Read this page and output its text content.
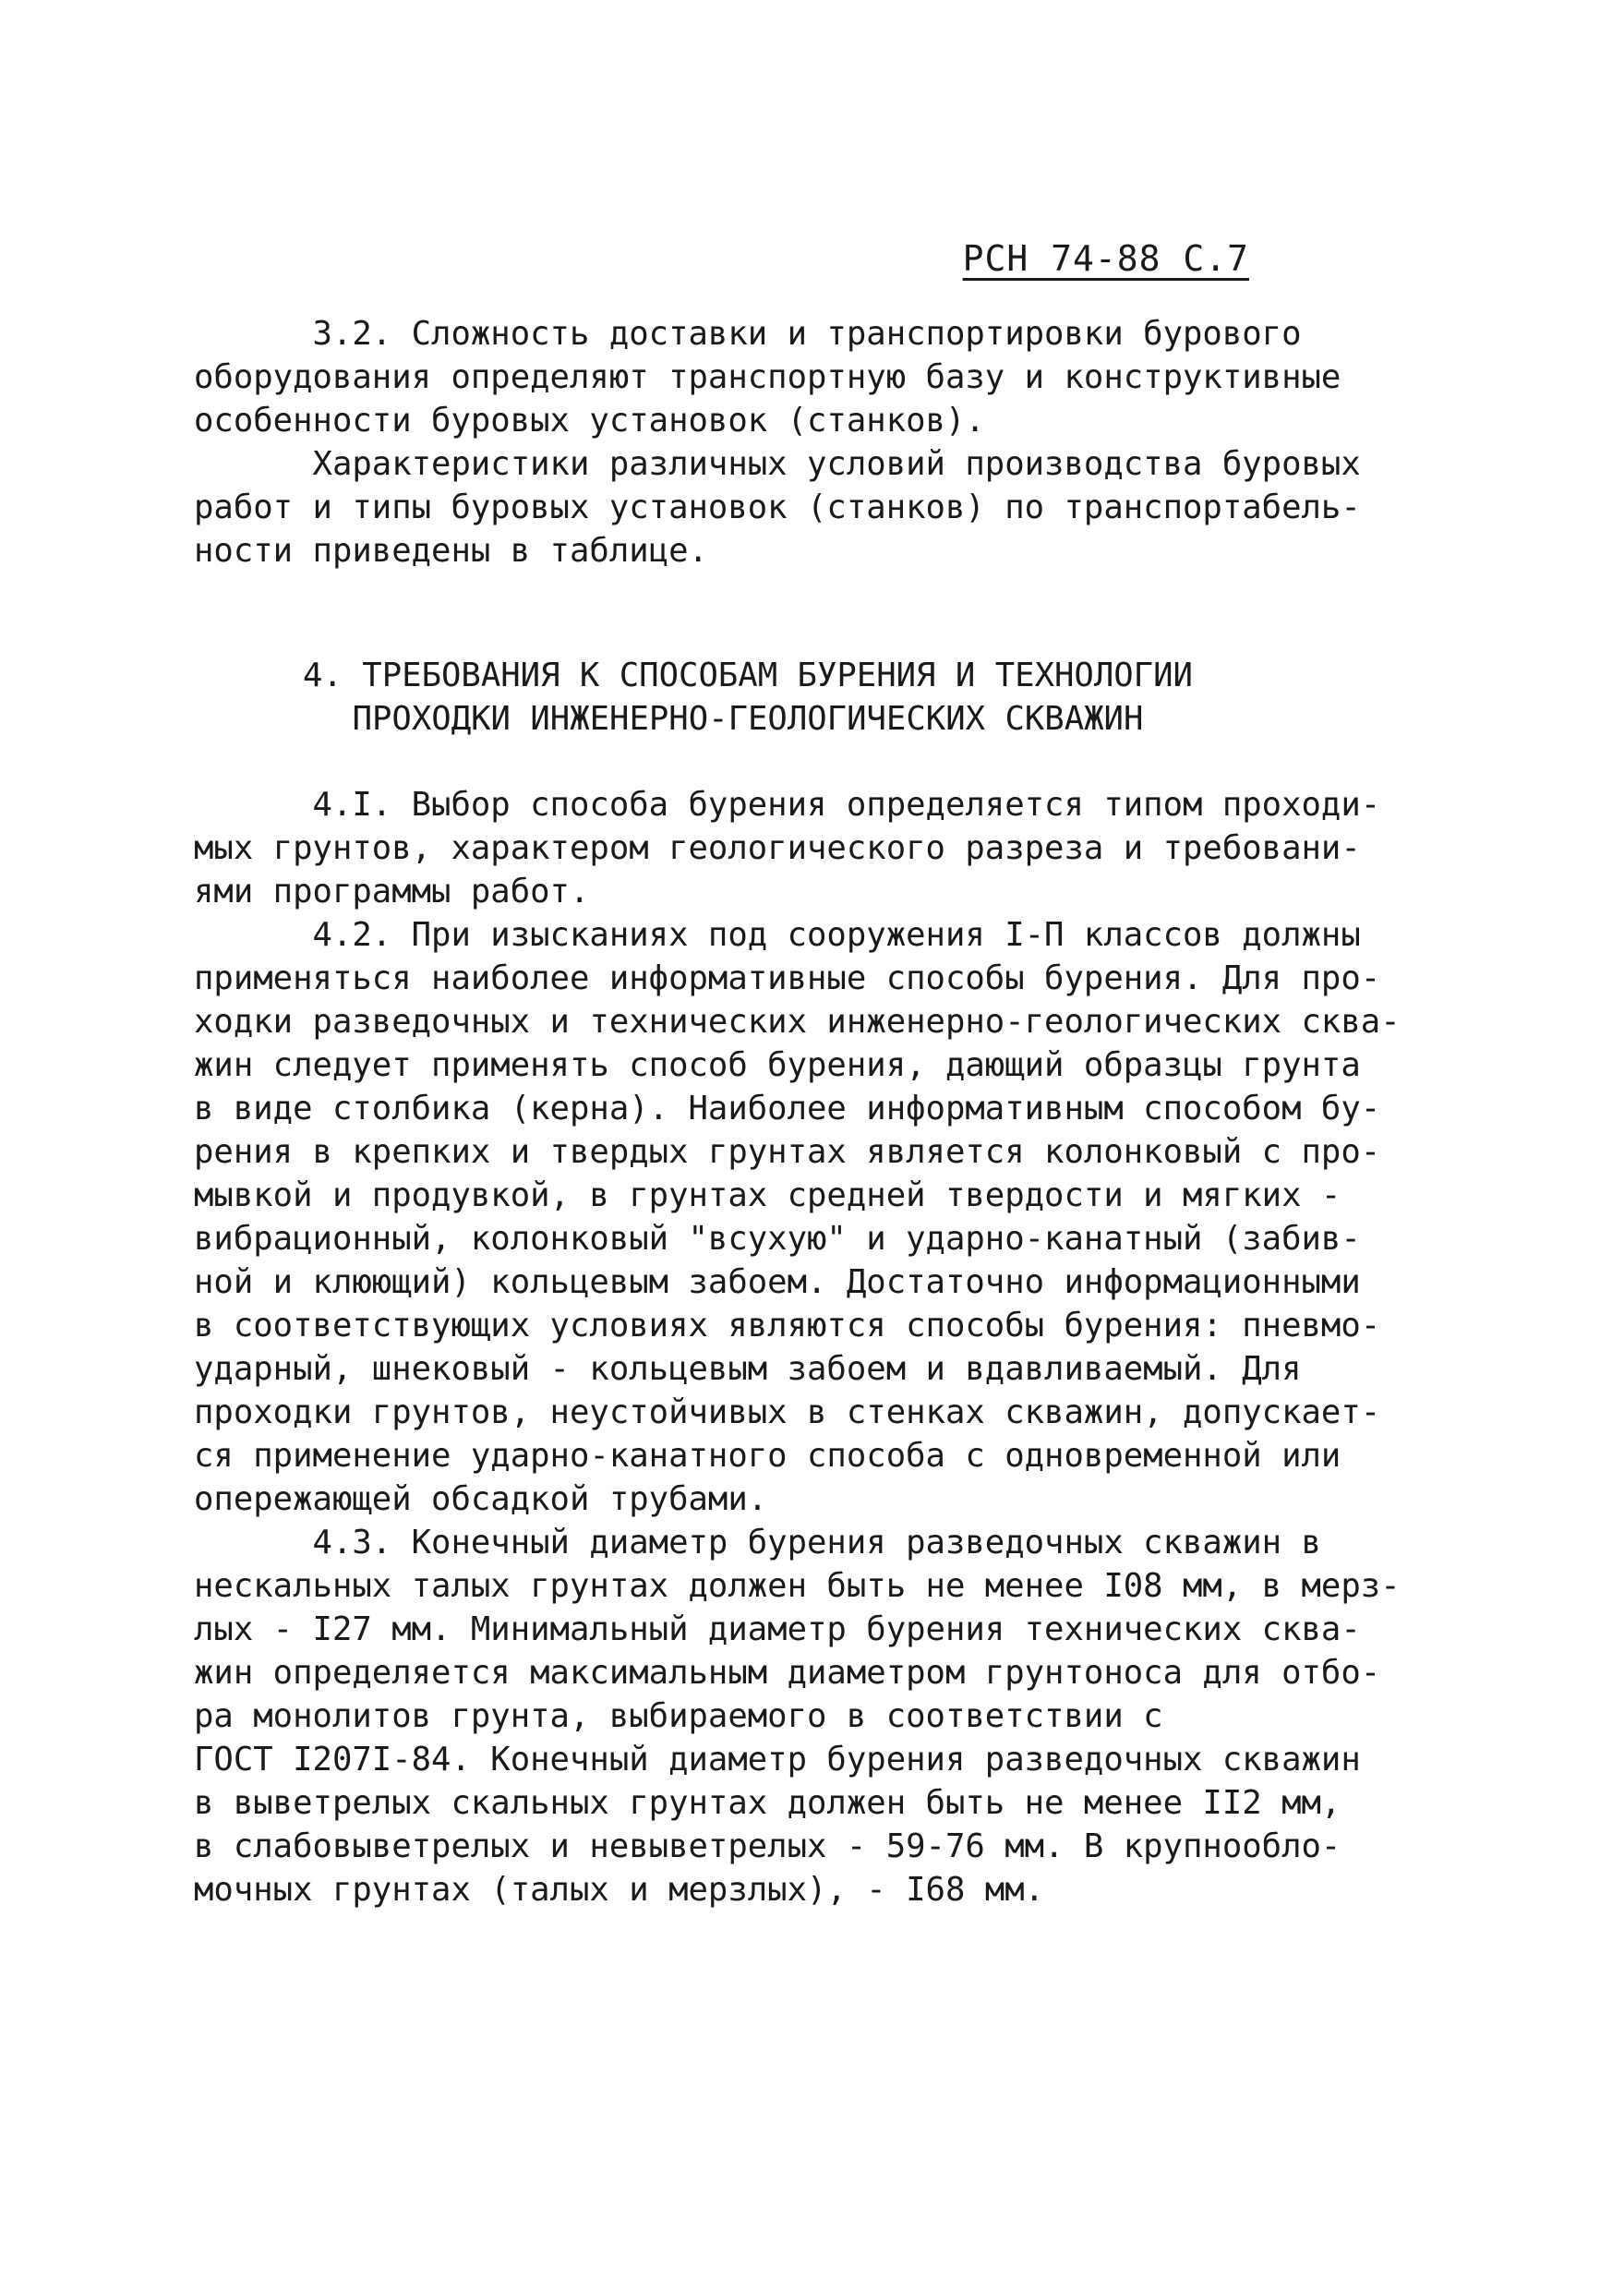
РСН 74-88 С.7
3.2. Сложность доставки и транспортировки бурового
оборудования определяют транспортную базу и конструктивные
особенности буровых установок (станков).
Характеристики различных условий производства буровых
работ и типы буровых установок (станков) по транспортабель-
ности приведены в таблице.
4. ТРЕБОВАНИЯ К СПОСОБАМ БУРЕНИЯ И ТЕХНОЛОГИИ
ПРОХОДКИ ИНЖЕНЕРНО-ГЕОЛОГИЧЕСКИХ СКВАЖИН
4.I. Выбор способа бурения определяется типом проходи-
мых грунтов, характером геологического разреза и требовани-
ями программы работ.
4.2. При изысканиях под сооружения I-П классов должны
применяться наиболее информативные способы бурения. Для про-
ходки разведочных и технических инженерно-геологических сква-
жин следует применять способ бурения, дающий образцы грунта
в виде столбика (керна). Наиболее информативным способом бу-
рения в крепких и твердых грунтах является колонковый с про-
мывкой и продувкой, в грунтах средней твердости и мягких -
вибрационный, колонковый "всухую" и ударно-канатный (забив-
ной и клюющий) кольцевым забоем. Достаточно информационными
в соответствующих условиях являются способы бурения: пневмо-
ударный, шнековый - кольцевым забоем и вдавливаемый. Для
проходки грунтов, неустойчивых в стенках скважин, допускает-
ся применение ударно-канатного способа с одновременной или
опережающей обсадкой трубами.
4.3. Конечный диаметр бурения разведочных скважин в
нескальных талых грунтах должен быть не менее I08 мм, в мерз-
лых - I27 мм. Минимальный диаметр бурения технических сква-
жин определяется максимальным диаметром грунтоноса для отбо-
ра монолитов грунта, выбираемого в соответствии с
ГОСТ I207I-84. Конечный диаметр бурения разведочных скважин
в выветрелых скальных грунтах должен быть не менее II2 мм,
в слабовыветрелых и невыветрелых - 59-76 мм. В крупнообло-
мочных грунтах (талых и мерзлых), - I68 мм.
